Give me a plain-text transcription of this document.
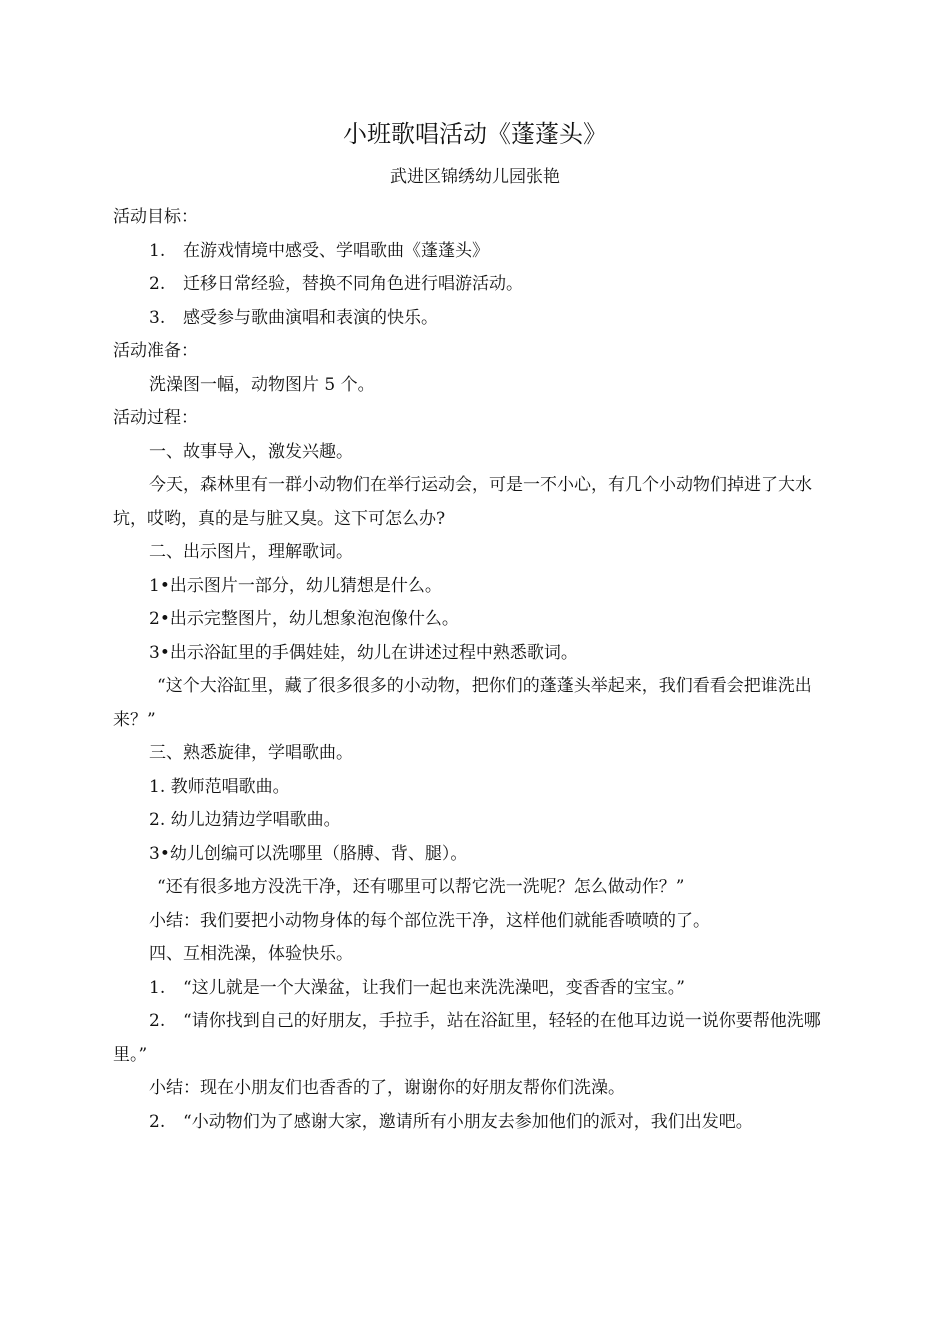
小班歌唱活动《蓬蓬头》
武进区锦绣幼儿园张艳

活动目标：

1. 在游戏情境中感受、学唱歌曲《蓬蓬头》

2. 迁移日常经验，替换不同角色进行唱游活动。

3. 感受参与歌曲演唱和表演的快乐。

活动准备：

洗澡图一幅，动物图片 5 个。

活动过程：

一、故事导入，激发兴趣。

今天，森林里有一群小动物们在举行运动会，可是一不小心，有几个小动物们掉进了大水坑，哎哟，真的是与脏又臭。这下可怎么办?

二、出示图片，理解歌词。

1•出示图片一部分，幼儿猜想是什么。

2•出示完整图片，幼儿想象泡泡像什么。

3•出示浴缸里的手偶娃娃，幼儿在讲述过程中熟悉歌词。

“这个大浴缸里，藏了很多很多的小动物，把你们的蓬蓬头举起来，我们看看会把谁洗出来？”

三、熟悉旋律，学唱歌曲。

1. 教师范唱歌曲。

2. 幼儿边猜边学唱歌曲。

3•幼儿创编可以洗哪里（胳膊、背、腿）。

“还有很多地方没洗干净，还有哪里可以帮它洗一洗呢？怎么做动作？”

小结：我们要把小动物身体的每个部位洗干净，这样他们就能香喷喷的了。

四、互相洗澡，体验快乐。

1. “这儿就是一个大澡盆，让我们一起也来洗洗澡吧，变香香的宝宝。”

2. “请你找到自己的好朋友，手拉手，站在浴缸里，轻轻的在他耳边说一说你要帮他洗哪里。”

小结：现在小朋友们也香香的了，谢谢你的好朋友帮你们洗澡。

2. “小动物们为了感谢大家，邀请所有小朋友去参加他们的派对，我们出发吧。
